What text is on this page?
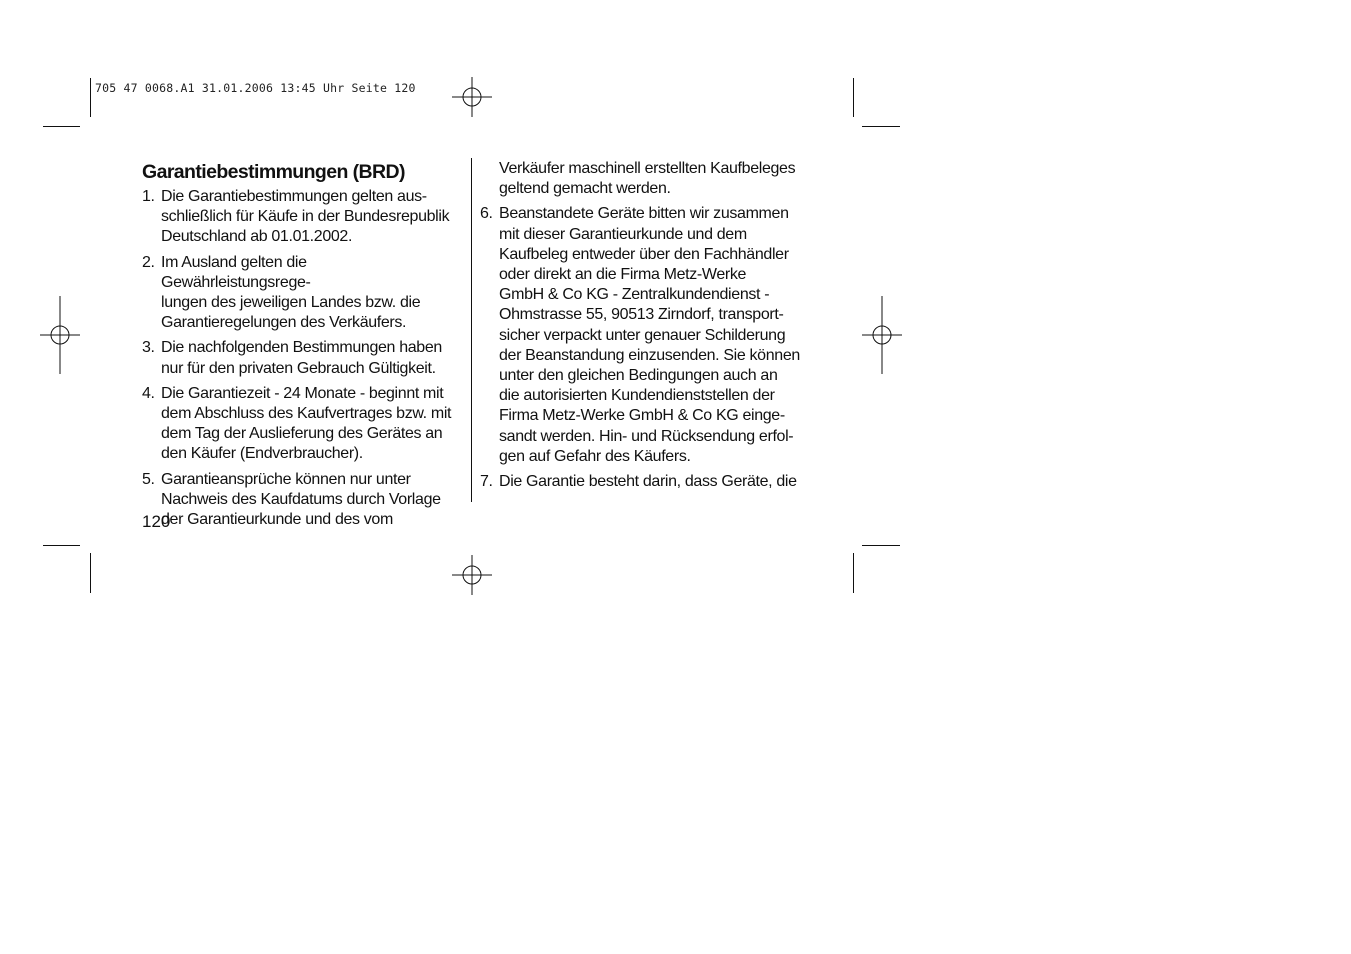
705 47 0068.A1 31.01.2006 13:45 Uhr Seite 120
Garantiebestimmungen (BRD)
1. Die Garantiebestimmungen gelten aus-
schließlich für Käufe in der Bundesrepublik
Deutschland ab 01.01.2002.
2. Im Ausland gelten die Gewährleistungsrege-
lungen des jeweiligen Landes bzw. die
Garantieregelungen des Verkäufers.
3. Die nachfolgenden Bestimmungen haben
nur für den privaten Gebrauch Gültigkeit.
4. Die Garantiezeit - 24 Monate - beginnt mit
dem Abschluss des Kaufvertrages bzw. mit
dem Tag der Auslieferung des Gerätes an
den Käufer (Endverbraucher).
5. Garantieansprüche können nur unter
Nachweis des Kaufdatums durch Vorlage
der Garantieurkunde und des vom
Verkäufer maschinell erstellten Kaufbeleges
geltend gemacht werden.
6. Beanstandete Geräte bitten wir zusammen
mit dieser Garantieurkunde und dem
Kaufbeleg entweder über den Fachhändler
oder direkt an die Firma Metz-Werke
GmbH & Co KG - Zentralkundendienst -
Ohmstrasse 55, 90513 Zirndorf, transport-
sicher verpackt unter genauer Schilderung
der Beanstandung einzusenden. Sie können
unter den gleichen Bedingungen auch an
die autorisierten Kundendienststellen der
Firma Metz-Werke GmbH & Co KG einge-
sandt werden. Hin- und Rücksendung erfol-
gen auf Gefahr des Käufers.
7. Die Garantie besteht darin, dass Geräte, die
120
